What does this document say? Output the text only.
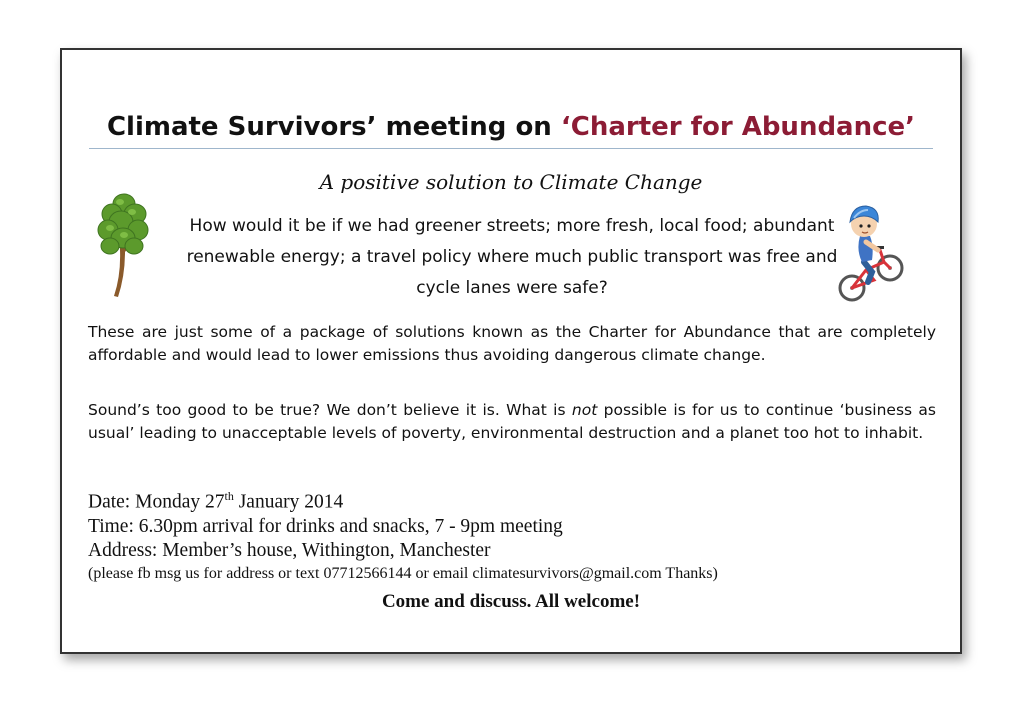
Climate Survivors’ meeting on ‘Charter for Abundance’
A positive solution to Climate Change
How would it be if we had greener streets; more fresh, local food; abundant renewable energy; a travel policy where much public transport was free and cycle lanes were safe?
These are just some of a package of solutions known as the Charter for Abundance that are completely affordable and would lead to lower emissions thus avoiding dangerous climate change.
Sound’s too good to be true? We don’t believe it is. What is not possible is for us to continue ‘business as usual’ leading to unacceptable levels of poverty, environmental destruction and a planet too hot to inhabit.
Date: Monday 27th January 2014
Time: 6.30pm arrival for drinks and snacks, 7 - 9pm meeting
Address: Member’s house, Withington, Manchester
(please fb msg us for address or text 07712566144 or email climatesurvivors@gmail.com Thanks)
Come and discuss. All welcome!
